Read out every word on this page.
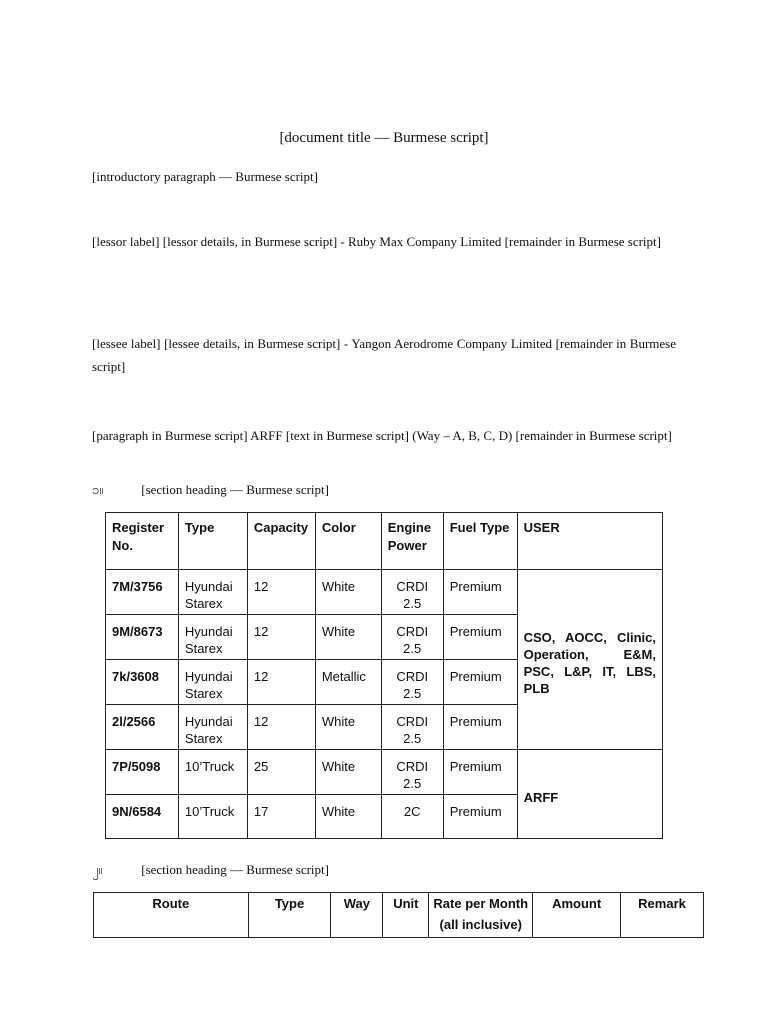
[document title — Burmese script]
[introductory paragraph — Burmese script]
[lessor label] [lessor details, in Burmese script] - Ruby Max Company Limited [remainder in Burmese script]
[lessee label] [lessee details, in Burmese script] - Yangon Aerodrome Company Limited [remainder in Burmese script]
[paragraph in Burmese script] ARFF [text in Burmese script] (Way – A, B, C, D) [remainder in Burmese script]
၁။	[section heading — Burmese script]
Register No.	Type	Capacity	Color	Engine Power	Fuel Type	USER
7M/3756	Hyundai Starex	12	White	CRDI 2.5	Premium	CSO, AOCC, Clinic, Operation, E&M, PSC, L&P, IT, LBS, PLB
9M/8673	Hyundai Starex	12	White	CRDI 2.5	Premium	
7k/3608	Hyundai Starex	12	Metallic	CRDI 2.5	Premium	
2l/2566	Hyundai Starex	12	White	CRDI 2.5	Premium	
7P/5098	10’Truck	25	White	CRDI 2.5	Premium	ARFF
9N/6584	10’Truck	17	White	2C	Premium	
၂။	[section heading — Burmese script]
Route	Type	Way	Unit	Rate per Month (all inclusive)	Amount	Remark
